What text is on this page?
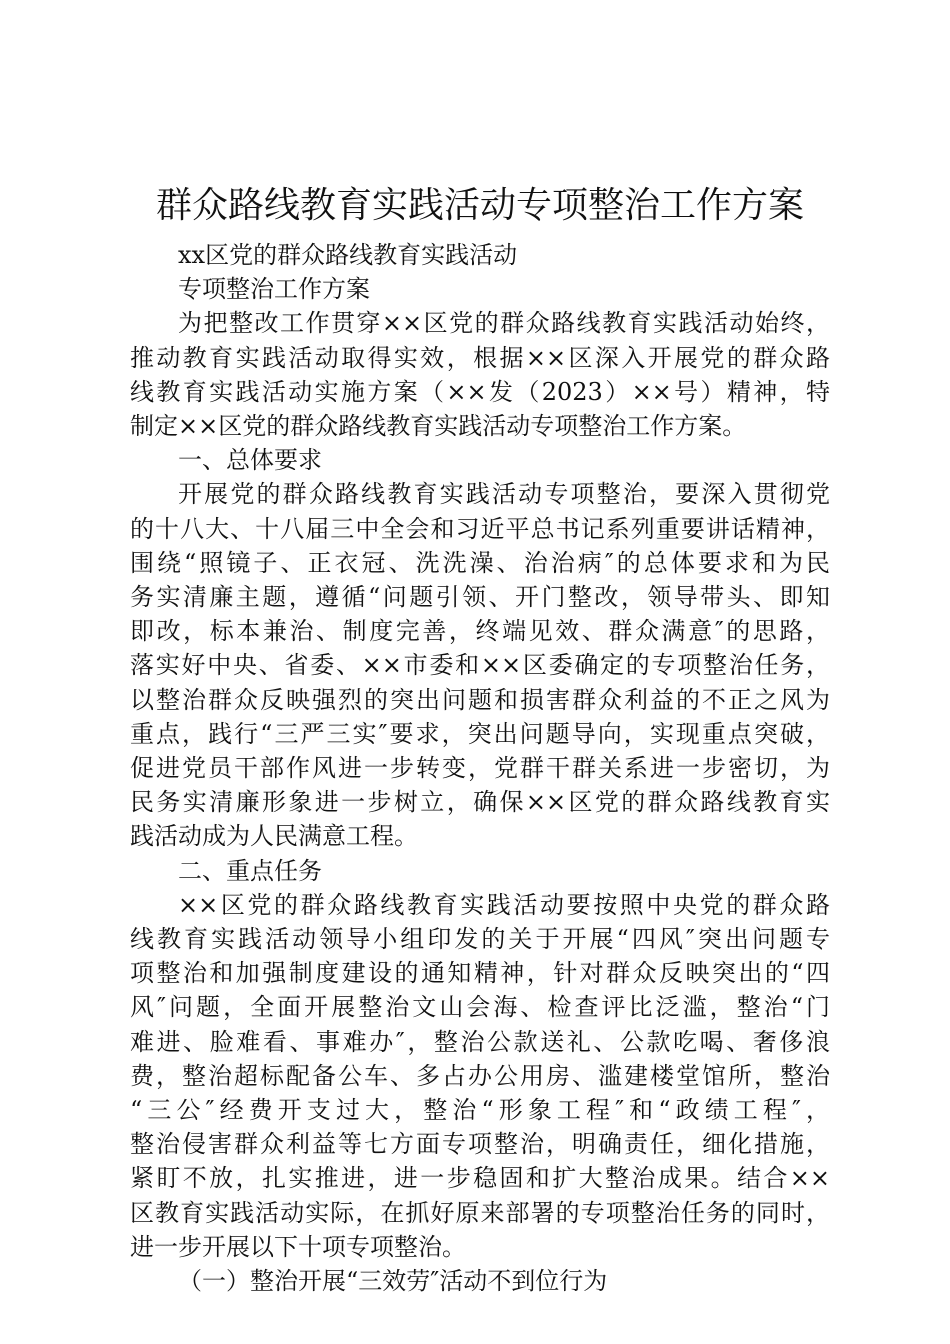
群众路线教育实践活动专项整治工作方案

xx区党的群众路线教育实践活动

专项整治工作方案

为把整改工作贯穿××区党的群众路线教育实践活动始终，
推动教育实践活动取得实效，根据××区深入开展党的群众路
线教育实践活动实施方案（××发（2023）××号）精神，特
制定××区党的群众路线教育实践活动专项整治工作方案。

一、总体要求

开展党的群众路线教育实践活动专项整治，要深入贯彻党
的十八大、十八届三中全会和习近平总书记系列重要讲话精神，
围绕“照镜子、正衣冠、洗洗澡、治治病″的总体要求和为民
务实清廉主题，遵循“问题引领、开门整改，领导带头、即知
即改，标本兼治、制度完善，终端见效、群众满意″的思路，
落实好中央、省委、××市委和××区委确定的专项整治任务，
以整治群众反映强烈的突出问题和损害群众利益的不正之风为
重点，践行“三严三实″要求，突出问题导向，实现重点突破，
促进党员干部作风进一步转变，党群干群关系进一步密切，为
民务实清廉形象进一步树立，确保××区党的群众路线教育实
践活动成为人民满意工程。

二、重点任务

××区党的群众路线教育实践活动要按照中央党的群众路
线教育实践活动领导小组印发的关于开展“四风″突出问题专
项整治和加强制度建设的通知精神，针对群众反映突出的“四
风″问题，全面开展整治文山会海、检查评比泛滥，整治“门
难进、脸难看、事难办″，整治公款送礼、公款吃喝、奢侈浪
费，整治超标配备公车、多占办公用房、滥建楼堂馆所，整治
“三公″经费开支过大，整治“形象工程″和“政绩工程″，
整治侵害群众利益等七方面专项整治，明确责任，细化措施，
紧盯不放，扎实推进，进一步稳固和扩大整治成果。结合××
区教育实践活动实际，在抓好原来部署的专项整治任务的同时，
进一步开展以下十项专项整治。

（一）整治开展“三效劳″活动不到位行为
